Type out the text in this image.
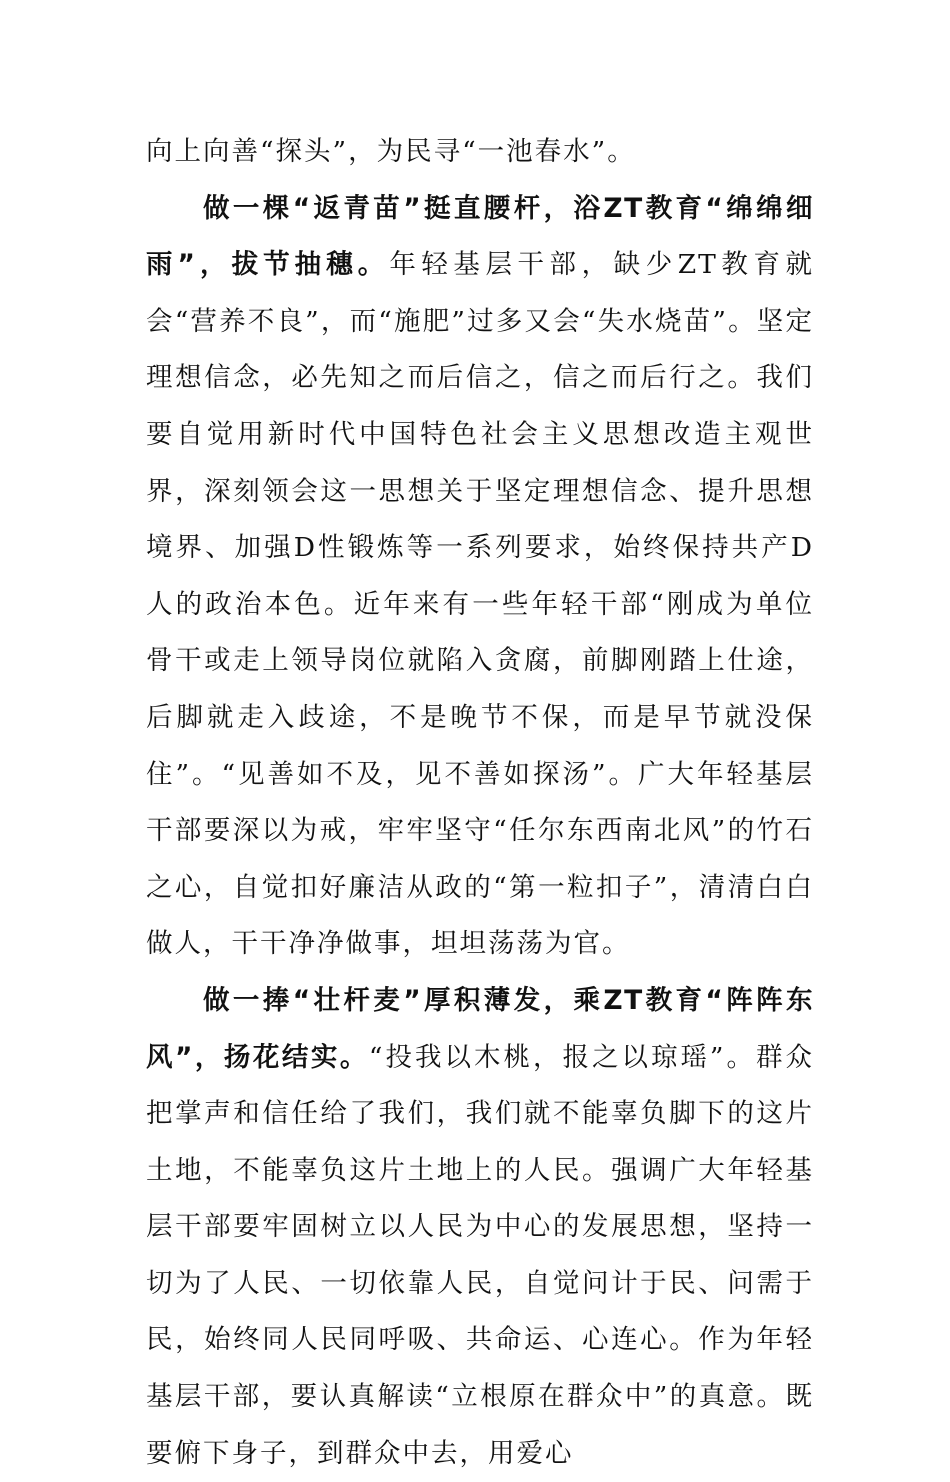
向上向善“探头”，为民寻“一池春水”。

做一棵“返青苗”挺直腰杆，浴ZT教育“绵绵细雨”，拔节抽穗。年轻基层干部，缺少ZT教育就会“营养不良”，而“施肥”过多又会“失水烧苗”。坚定理想信念，必先知之而后信之，信之而后行之。我们要自觉用新时代中国特色社会主义思想改造主观世界，深刻领会这一思想关于坚定理想信念、提升思想境界、加强D性锻炼等一系列要求，始终保持共产D人的政治本色。近年来有一些年轻干部“刚成为单位骨干或走上领导岗位就陷入贪腐，前脚刚踏上仕途，后脚就走入歧途，不是晚节不保，而是早节就没保住”。“见善如不及，见不善如探汤”。广大年轻基层干部要深以为戒，牢牢坚守“任尔东西南北风”的竹石之心，自觉扣好廉洁从政的“第一粒扣子”，清清白白做人，干干净净做事，坦坦荡荡为官。

做一捧“壮杆麦”厚积薄发，乘ZT教育“阵阵东风”，扬花结实。“投我以木桃，报之以琼瑶”。群众把掌声和信任给了我们，我们就不能辜负脚下的这片土地，不能辜负这片土地上的人民。强调广大年轻基层干部要牢固树立以人民为中心的发展思想，坚持一切为了人民、一切依靠人民，自觉问计于民、问需于民，始终同人民同呼吸、共命运、心连心。作为年轻基层干部，要认真解读“立根原在群众中”的真意。既要俯下身子，到群众中去，用爱心
